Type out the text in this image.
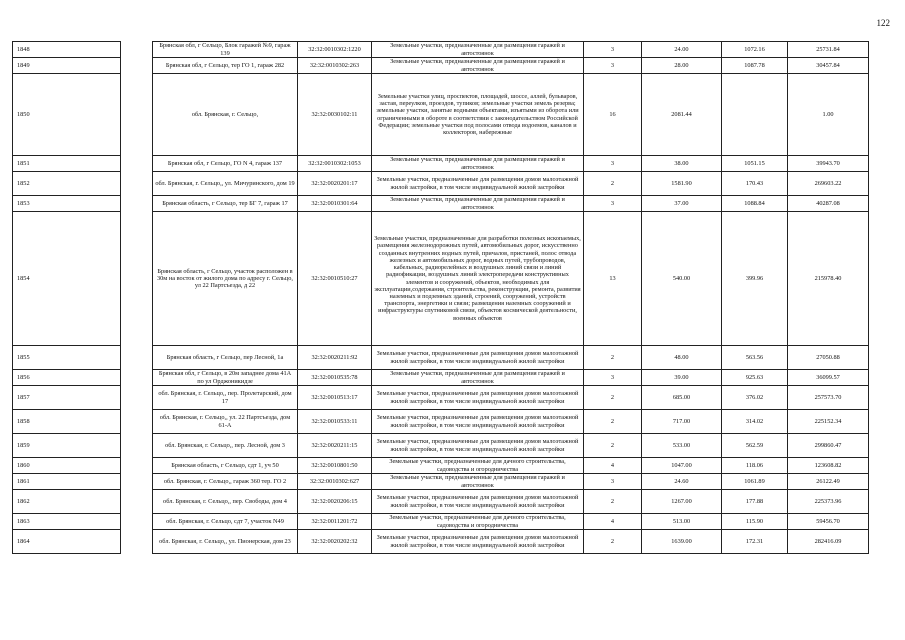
122
1848		Брянская обл, г Сельцо, Блок гаражей №9, гараж 139	32:32:0010302:1220	Земельные участки, предназначенные для размещения гаражей и автостоянок	3	24.00	1072.16	25731.84
1849		Брянская обл, г Сельцо, тер ГО 1, гараж 282	32:32:0010302:263	Земельные участки, предназначенные для размещения гаражей и автостоянок	3	28.00	1087.78	30457.84
1850		обл. Брянская, г. Сельцо,	32:32:0030102:11	Земельные участки улиц, проспектов, площадей, шоссе, аллей, бульваров, застав, переулков, проездов, тупиков; земельные участки земель резерва; земельные участки, занятые водными объектами, изъятыми из оборота или ограниченными в обороте в соответствии с законодательством Российской Федерации; земельные участки под полосами отвода водоемов, каналов и коллекторов, набережные	16	2081.44		1.00
1851		Брянская обл, г Сельцо, ГО N 4, гараж 137	32:32:0010302:1053	Земельные участки, предназначенные для размещения гаражей и автостоянок	3	38.00	1051.15	39943.70
1852		обл. Брянская, г. Сельцо,, ул. Мичуринского, дом 19	32:32:0020201:17	Земельные участки, предназначенные для размещения домов малоэтажной жилой застройки, в том числе индивидуальной жилой застройки	2	1581.90	170.43	269603.22
1853		Брянская область, г Сельцо, тер БГ 7, гараж 17	32:32:0010301:64	Земельные участки, предназначенные для размещения гаражей и автостоянок	3	37.00	1088.84	40287.08
1854		Брянская область, г Сельцо, участок расположен в 30м на восток от жилого дома по адресу г. Сельцо, ул 22 Партсъезда, д 22	32:32:0010510:27	Земельные участки, предназначенные для разработки полезных ископаемых, размещения железнодорожных путей, автомобильных дорог, искусственно созданных внутренних водных путей, причалов, пристаней, полос отвода железных и автомобильных дорог, водных путей, трубопроводов, кабельных, радиорелейных и воздушных линий связи и линий радиофикации, воздушных линий электропередачи конструктивных элементов и сооружений, объектов, необходимых для эксплуатации,содержания, строительства, реконструкции, ремонта, развития наземных и подземных зданий, строений, сооружений, устройств транспорта, энергетики и связи; размещения наземных сооружений и инфраструктуры спутниковой связи, объектов космической деятельности, военных объектов	13	540.00	399.96	215978.40
1855		Брянская область, г Сельцо, пер Лесной, 1а	32:32:0020211:92	Земельные участки, предназначенные для размещения домов малоэтажной жилой застройки, в том числе индивидуальной жилой застройки	2	48.00	563.56	27050.88
1856		Брянская обл, г Сельцо, в 20м западнее дома 41А по ул Орджоникидзе	32:32:0010535:78	Земельные участки, предназначенные для размещения гаражей и автостоянок	3	39.00	925.63	36099.57
1857		обл. Брянская, г. Сельцо,, пер. Пролетарский, дом 17	32:32:0010513:17	Земельные участки, предназначенные для размещения домов малоэтажной жилой застройки, в том числе индивидуальной жилой застройки	2	685.00	376.02	257573.70
1858		обл. Брянская, г. Сельцо,, ул. 22 Партсъезда, дом 61-А	32:32:0010533:11	Земельные участки, предназначенные для размещения домов малоэтажной жилой застройки, в том числе индивидуальной жилой застройки	2	717.00	314.02	225152.34
1859		обл. Брянская, г. Сельцо,, пер. Лесной, дом 3	32:32:0020211:15	Земельные участки, предназначенные для размещения домов малоэтажной жилой застройки, в том числе индивидуальной жилой застройки	2	533.00	562.59	299860.47
1860		Брянская область, г Сельцо, сдт 1, уч 50	32:32:0010801:50	Земельные участки, предназначенные для дачного строительства, садоводства и огородничества	4	1047.00	118.06	123608.82
1861		обл. Брянская, г. Сельцо,, гараж 360 тер. ГО 2	32:32:0010302:627	Земельные участки, предназначенные для размещения гаражей и автостоянок	3	24.60	1061.89	26122.49
1862		обл. Брянская, г. Сельцо,, пер. Свободы, дом 4	32:32:0020206:15	Земельные участки, предназначенные для размещения домов малоэтажной жилой застройки, в том числе индивидуальной жилой застройки	2	1267.00	177.88	225373.96
1863		обл. Брянская, г. Сельцо, сдт 7, участок N49	32:32:0011201:72	Земельные участки, предназначенные для дачного строительства, садоводства и огородничества	4	513.00	115.90	59456.70
1864		обл. Брянская, г. Сельцо,, ул. Пионерская, дом 23	32:32:0020202:32	Земельные участки, предназначенные для размещения домов малоэтажной жилой застройки, в том числе индивидуальной жилой застройки	2	1639.00	172.31	282416.09
